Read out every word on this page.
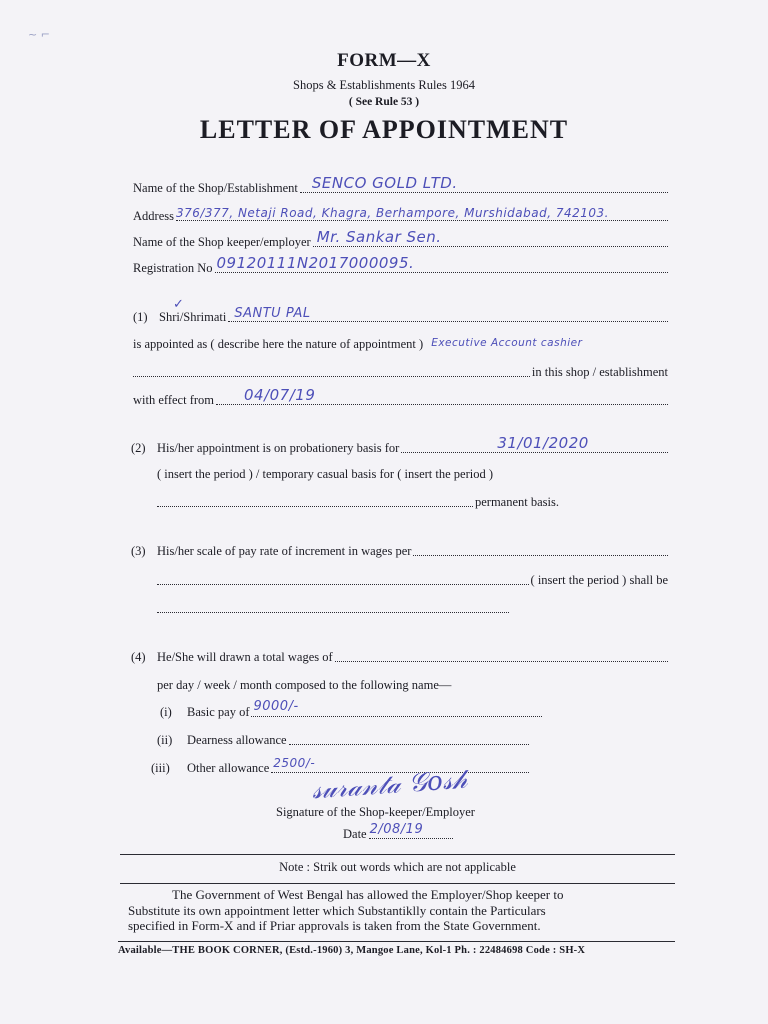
~ ⌐
FORM—X
Shops & Establishments Rules 1964
( See Rule 53 )
LETTER OF APPOINTMENT
Name of the Shop/Establishment SENCO GOLD LTD.
Address 376/377, Netaji Road, Khagra, Berhampore, Murshidabad, 742103.
Name of the Shop keeper/employer Mr. Sankar Sen.
Registration No 09120111N2017000095.
✓
(1) Shri/Shrimati SANTU PAL
is appointed as ( describe here the nature of appointment ) Executive Account cashier
in this shop / establishment
with effect from 04/07/19
(2) His/her appointment is on probationery basis for	31/01/2020
( insert the period ) / temporary casual basis for ( insert the period )
permanent basis.
(3) His/her scale of pay rate of increment in wages per
( insert the period ) shall be
(4) He/She will drawn a total wages of
per day / week / month composed to the following name—
(i)	Basic pay of 9000/-
(ii)	Dearness allowance
(iii)	Other allowance 2500/-
𝓈𝓊𝓇𝒶𝓃𝓉𝒶 𝒢𝑜𝓈𝒽
Signature of the Shop-keeper/Employer
Date 2/08/19
Note : Strik out words which are not applicable
The Government of West Bengal has allowed the Employer/Shop keeper to
Substitute its own appointment letter which Substantiklly contain the Particulars
specified in Form-X and if Priar approvals is taken from the State Government.
Available—THE BOOK CORNER, (Estd.-1960) 3, Mangoe Lane, Kol-1 Ph. : 22484698 Code : SH-X
